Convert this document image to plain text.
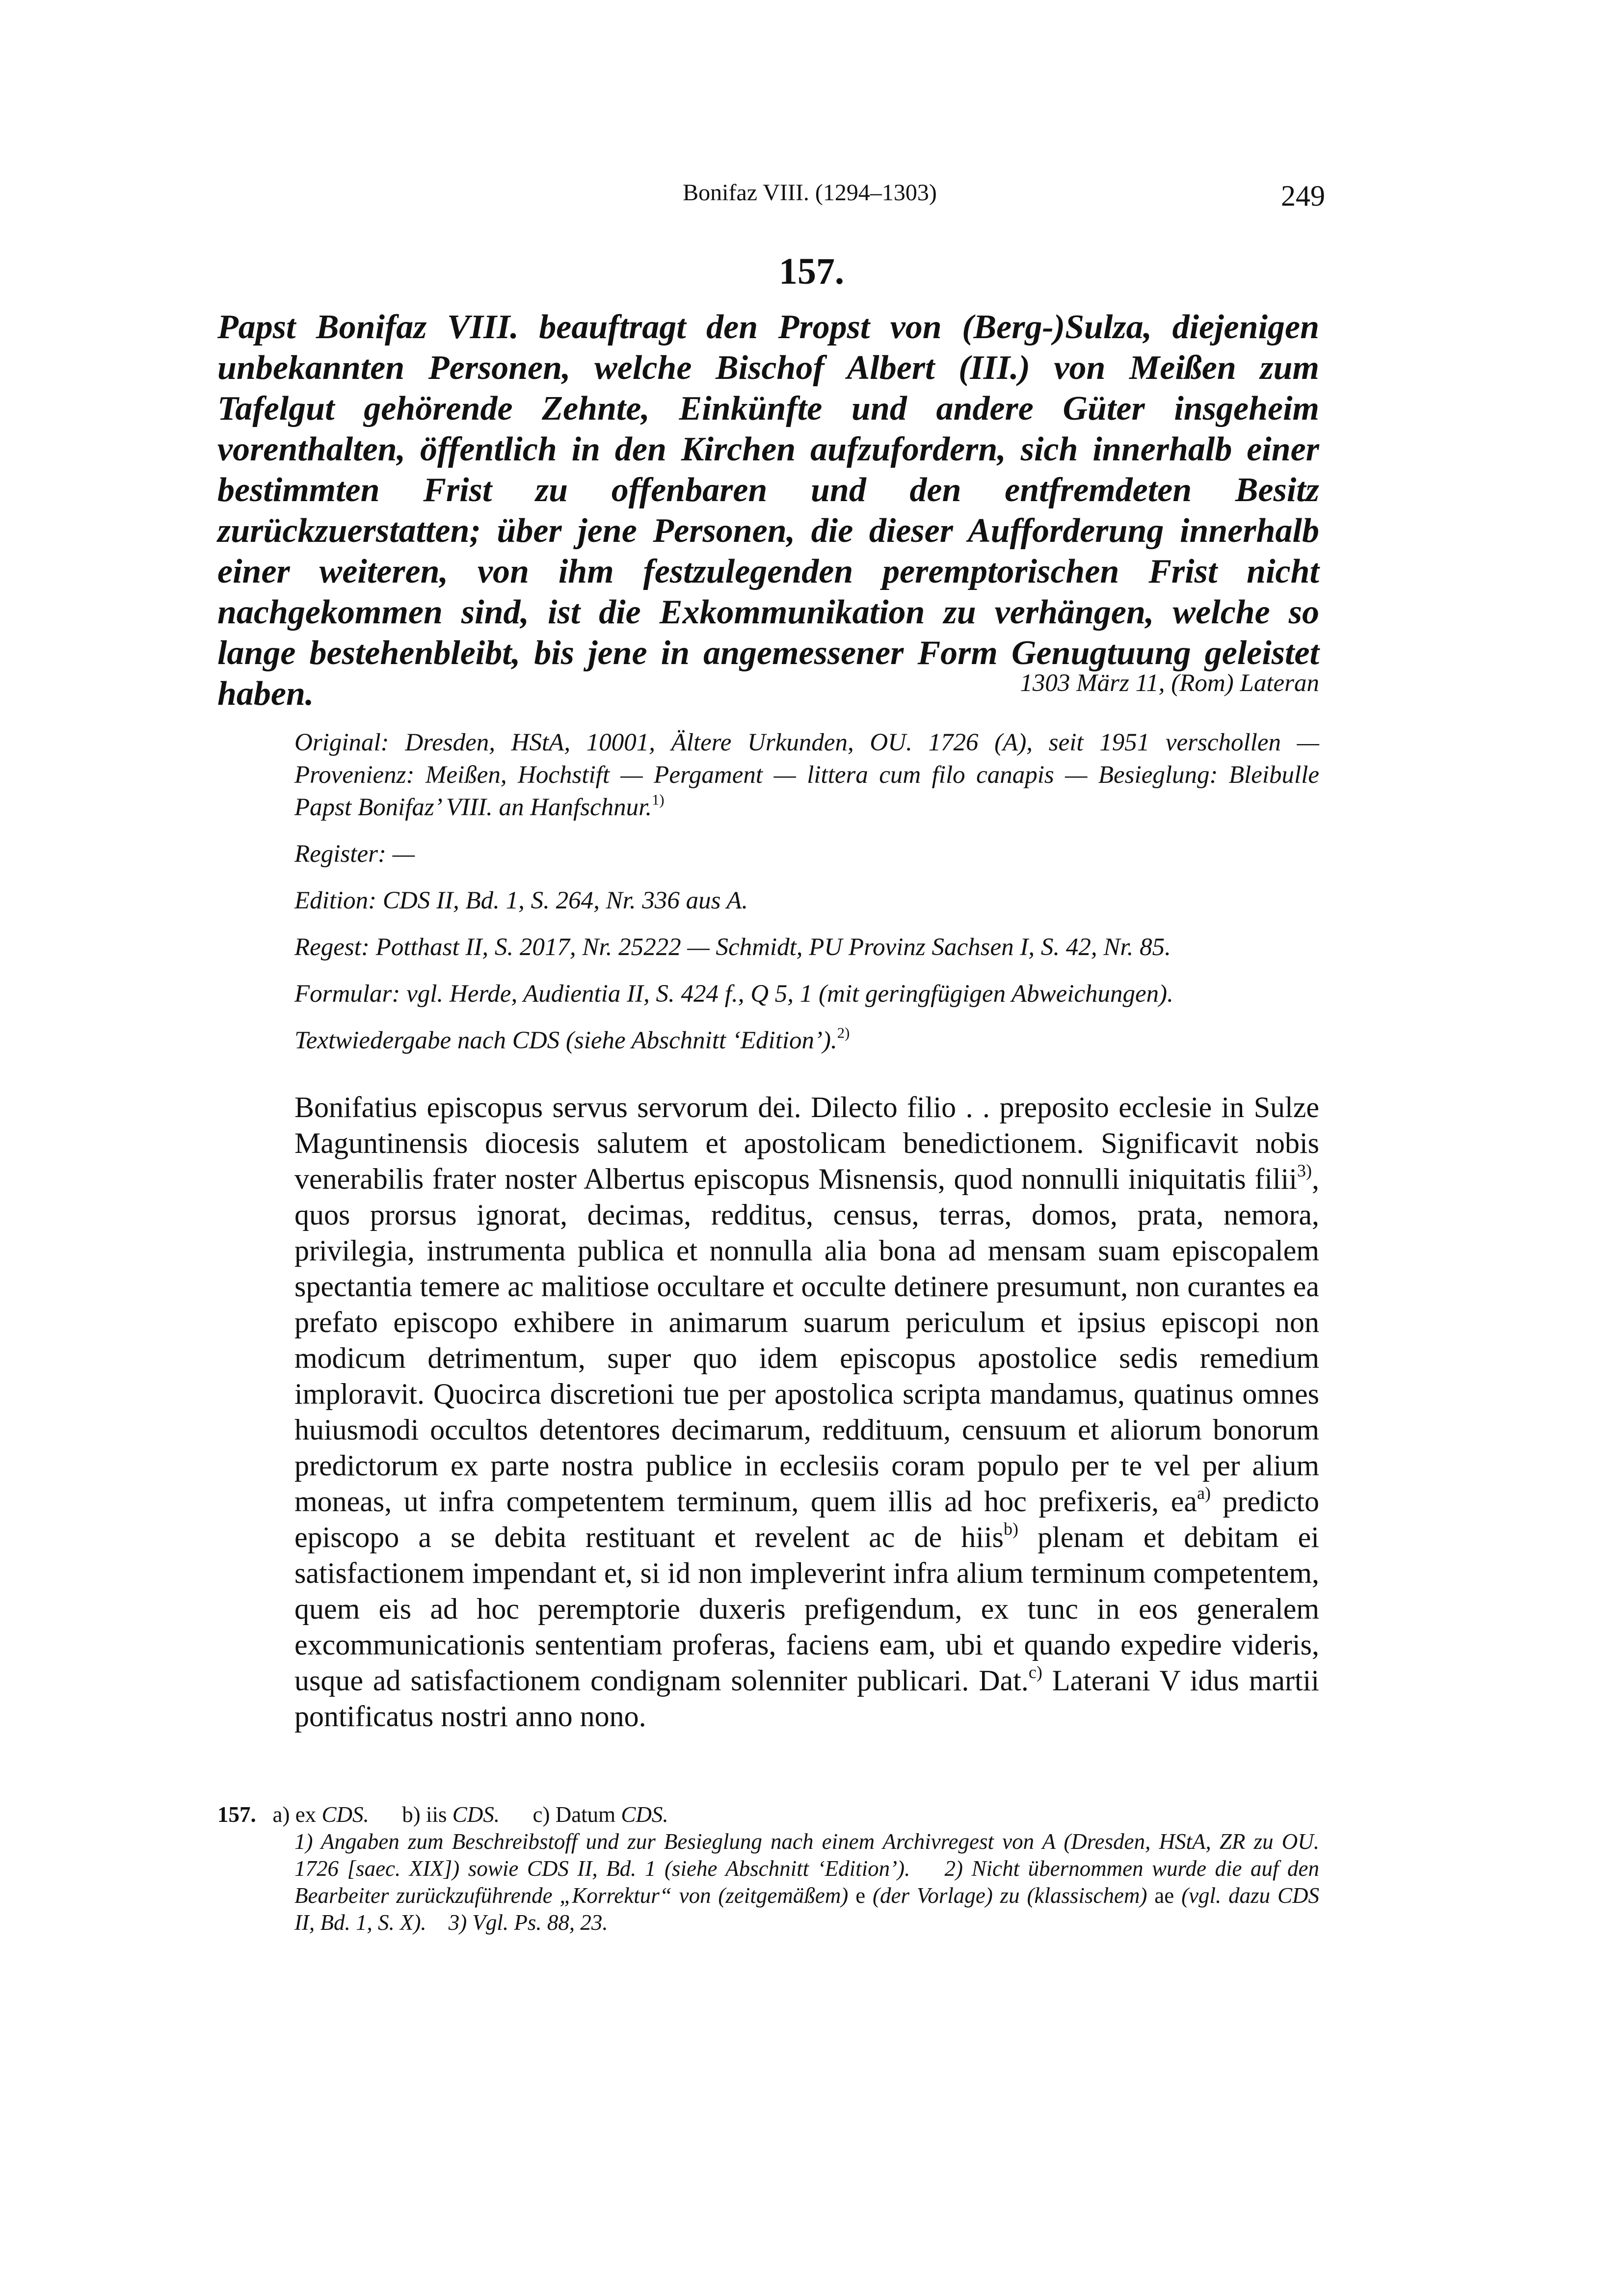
Bonifaz VIII. (1294–1303)	249
157.

Papst Bonifaz VIII. beauftragt den Propst von (Berg-)Sulza, diejenigen unbekannten Personen, welche Bischof Albert (III.) von Meißen zum Tafelgut gehörende Zehnte, Einkünfte und andere Güter insgeheim vorenthalten, öffentlich in den Kirchen aufzufordern, sich innerhalb einer bestimmten Frist zu offenbaren und den entfremdeten Besitz zurückzuerstatten; über jene Personen, die dieser Aufforderung innerhalb einer weiteren, von ihm festzulegenden peremptorischen Frist nicht nachgekommen sind, ist die Exkommunikation zu verhängen, welche so lange bestehenbleibt, bis jene in angemessener Form Genugtuung geleistet haben.	1303 März 11, (Rom) Lateran

Original: Dresden, HStA, 10001, Ältere Urkunden, OU. 1726 (A), seit 1951 verschollen — Provenienz: Meißen, Hochstift — Pergament — littera cum filo canapis — Besieglung: Bleibulle Papst Bonifaz’ VIII. an Hanfschnur.$^{1)}$

Register: —

Edition: CDS II, Bd. 1, S. 264, Nr. 336 aus A.

Regest: Potthast II, S. 2017, Nr. 25222 — Schmidt, PU Provinz Sachsen I, S. 42, Nr. 85.

Formular: vgl. Herde, Audientia II, S. 424 f., Q 5, 1 (mit geringfügigen Abweichungen).

Textwiedergabe nach CDS (siehe Abschnitt ‘Edition’).$^{2)}$

Bonifatius episcopus servus servorum dei. Dilecto filio . . preposito ecclesie in Sulze Maguntinensis diocesis salutem et apostolicam benedictionem. Significavit nobis venerabilis frater noster Albertus episcopus Misnensis, quod nonnulli iniquitatis filii$^{3)}$, quos prorsus ignorat, decimas, redditus, census, terras, domos, prata, nemora, privilegia, instrumenta publica et nonnulla alia bona ad mensam suam episcopalem spectantia temere ac malitiose occultare et occulte detinere presumunt, non curantes ea prefato episcopo exhibere in animarum suarum periculum et ipsius episcopi non modicum detrimentum, super quo idem episcopus apostolice sedis remedium imploravit. Quocirca discretioni tue per apostolica scripta mandamus, quatinus omnes huiusmodi occultos detentores decimarum, reddituum, censuum et aliorum bonorum predictorum ex parte nostra publice in ecclesiis coram populo per te vel per alium moneas, ut infra competentem terminum, quem illis ad hoc prefixeris, $ea^{a)}$ predicto episcopo a se debita restituant et revelent ac de hiis$^{b)}$ plenam et debitam ei satisfactionem impendant et, si id non impleverint infra alium terminum competentem, quem eis ad hoc peremptorie duxeris prefigendum, ex tunc in eos generalem excommunicationis sententiam proferas, faciens eam, ubi et quando expedire videris, usque ad satisfactionem condignam solenniter publicari. Dat.$^{c)}$ Laterani V idus martii pontificatus nostri anno nono.

157. a) ex CDS. b) iis CDS. c) Datum CDS.

1) Angaben zum Beschreibstoff und zur Besieglung nach einem Archivregest von A (Dresden, HStA, ZR zu OU. 1726 [saec. XIX]) sowie CDS II, Bd. 1 (siehe Abschnitt ‘Edition’). 2) Nicht übernommen wurde die auf den Bearbeiter zurückzuführende „Korrektur“ von (zeitgemäßem) e (der Vorlage) zu (klassischem) ae (vgl. dazu CDS II, Bd. 1, S. X). 3) Vgl. Ps. 88, 23.
